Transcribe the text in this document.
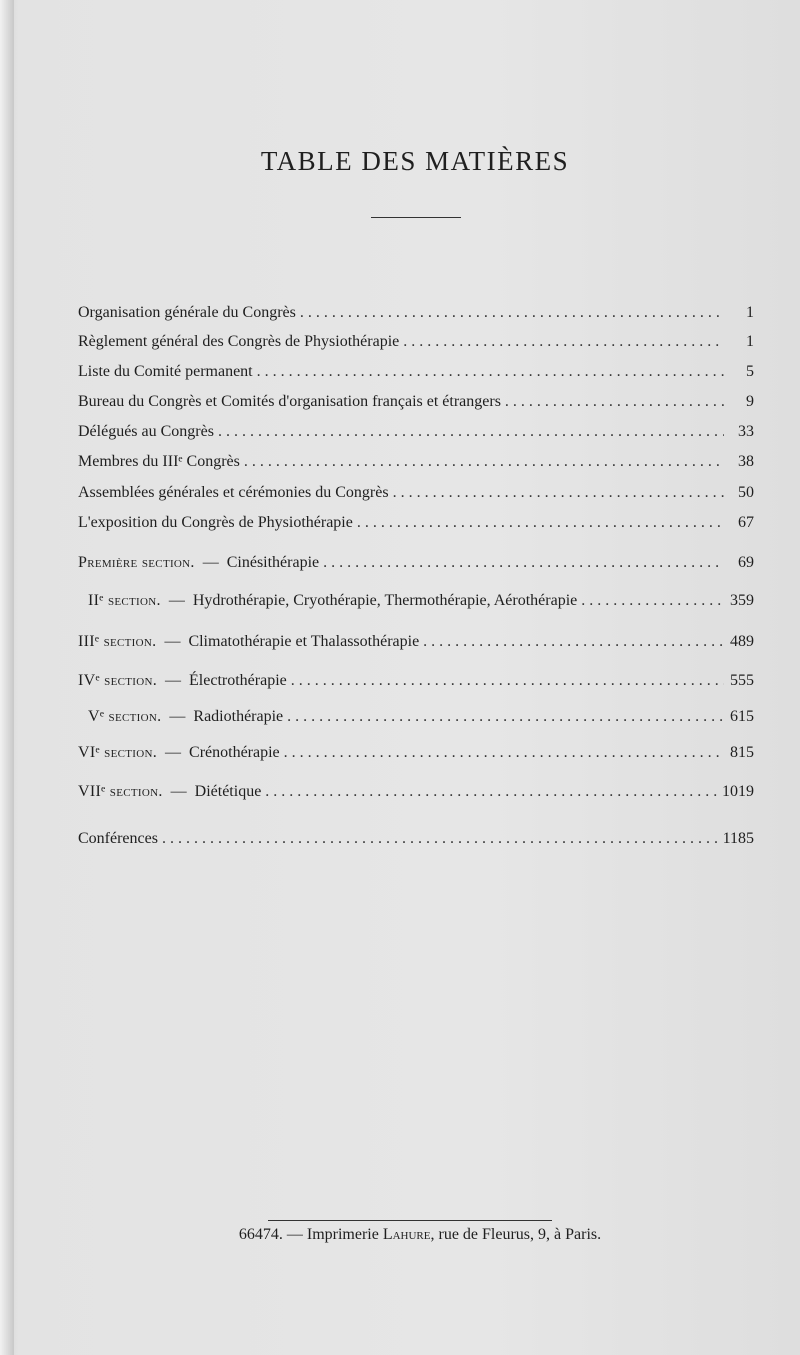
TABLE DES MATIÈRES
Organisation générale du Congrès . . .	1
Règlement général des Congrès de Physiothérapie . . .	1
Liste du Comité permanent . . .	5
Bureau du Congrès et Comités d'organisation français et étrangers . . .	9
Délégués au Congrès . . .	33
Membres du IIIᵉ Congrès . . .	38
Assemblées générales et cérémonies du Congrès . . .	50
L'exposition du Congrès de Physiothérapie . . .	67
Première section. — Cinésithérapie . . .	69
IIᵉ section. — Hydrothérapie, Cryothérapie, Thermothérapie, Aérothérapie . . .	359
IIIᵉ section. — Climatothérapie et Thalassothérapie . . .	489
IVᵉ section. — Électrothérapie . . .	555
Vᵉ section. — Radiothérapie . . .	615
VIᵉ section. — Crénothérapie . . .	815
VIIᵉ section. — Diététique . . .	1019
Conférences . . .	1185
66474. — Imprimerie Lahure, rue de Fleurus, 9, à Paris.
